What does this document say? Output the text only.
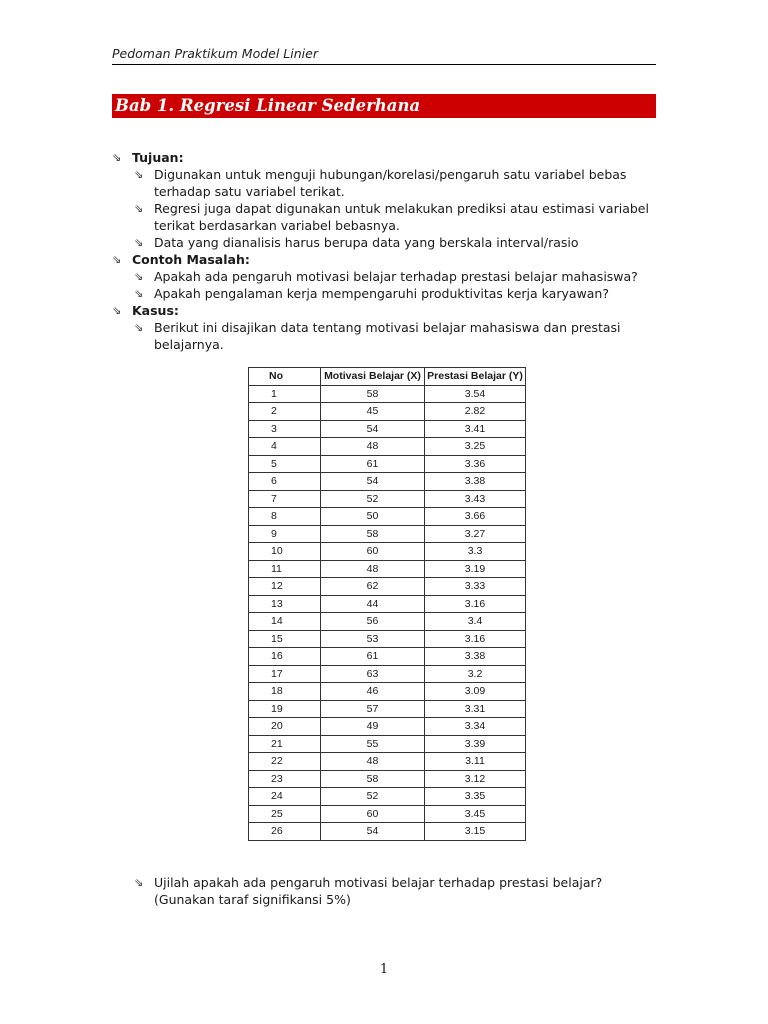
Pedoman Praktikum Model Linier
Bab 1. Regresi Linear Sederhana
⇘ Tujuan:
⇘ Digunakan untuk menguji hubungan/korelasi/pengaruh satu variabel bebas terhadap satu variabel terikat.
⇘ Regresi juga dapat digunakan untuk melakukan prediksi atau estimasi variabel terikat berdasarkan variabel bebasnya.
⇘ Data yang dianalisis harus berupa data yang berskala interval/rasio
⇘ Contoh Masalah:
⇘ Apakah ada pengaruh motivasi belajar terhadap prestasi belajar mahasiswa?
⇘ Apakah pengalaman kerja mempengaruhi produktivitas kerja karyawan?
⇘ Kasus:
⇘ Berikut ini disajikan data tentang motivasi belajar mahasiswa dan prestasi belajarnya.
No	Motivasi Belajar (X)	Prestasi Belajar (Y)
1	58	3.54
2	45	2.82
3	54	3.41
4	48	3.25
5	61	3.36
6	54	3.38
7	52	3.43
8	50	3.66
9	58	3.27
10	60	3.3
11	48	3.19
12	62	3.33
13	44	3.16
14	56	3.4
15	53	3.16
16	61	3.38
17	63	3.2
18	46	3.09
19	57	3.31
20	49	3.34
21	55	3.39
22	48	3.11
23	58	3.12
24	52	3.35
25	60	3.45
26	54	3.15
⇘ Ujilah apakah ada pengaruh motivasi belajar terhadap prestasi belajar? (Gunakan taraf signifikansi 5%)
1
